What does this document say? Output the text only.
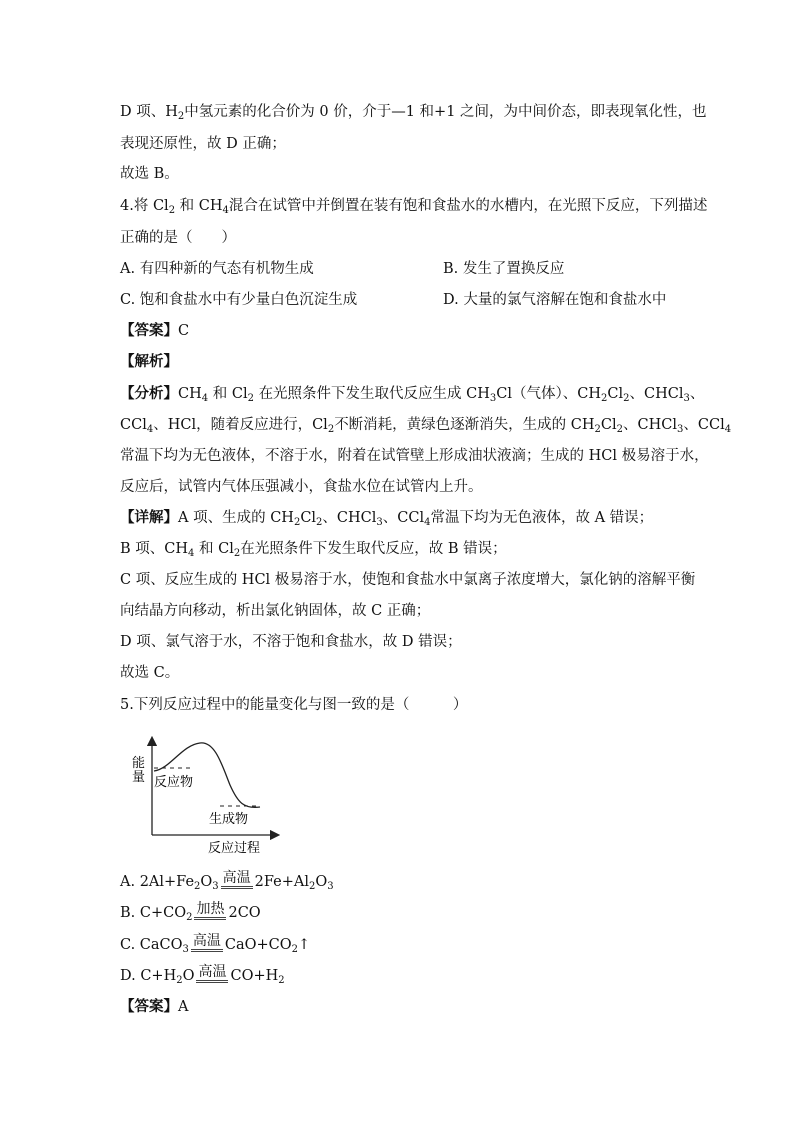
D 项、$H_2$中氢元素的化合价为 0 价，介于—1 和+1 之间，为中间价态，即表现氧化性，也
表现还原性，故 D 正确；
故选 B。
4.将 $Cl_2$ 和 $CH_4$混合在试管中并倒置在装有饱和食盐水的水槽内，在光照下反应，下列描述
正确的是（　　）
A. 有四种新的气态有机物生成	B. 发生了置换反应
C. 饱和食盐水中有少量白色沉淀生成	D. 大量的氯气溶解在饱和食盐水中
【答案】C
【解析】
【分析】$CH_4$ 和 $Cl_2$ 在光照条件下发生取代反应生成 $CH_3Cl$（气体）、$CH_2Cl_2$、CHCl$_3$、
CCl$_4$、HCl，随着反应进行，$Cl_2$不断消耗，黄绿色逐渐消失，生成的 $CH_2Cl_2$、CHCl$_3$、CCl$_4$
常温下均为无色液体，不溶于水，附着在试管壁上形成油状液滴；生成的 HCl 极易溶于水，
反应后，试管内气体压强减小，食盐水位在试管内上升。
【详解】A 项、生成的 $CH_2Cl_2$、CHCl$_3$、CCl$_4$常温下均为无色液体，故 A 错误；
B 项、$CH_4$ 和 $Cl_2$在光照条件下发生取代反应，故 B 错误；
C 项、反应生成的 HCl 极易溶于水，使饱和食盐水中氯离子浓度增大，氯化钠的溶解平衡
向结晶方向移动，析出氯化钠固体，故 C 正确；
D 项、氯气溶于水，不溶于饱和食盐水，故 D 错误；
故选 C。
5.下列反应过程中的能量变化与图一致的是（　　　）
能
量 反应物
生成物
反应过程
A. $2Al+Fe_2O_3$高温 $2Fe+Al_2O_3$
B. $C+CO_2$加热 2CO
C. CaCO$_3$高温 $CaO+CO_2↑$
D. $C+H_2O$ 高温 $CO+H_2$
【答案】A
